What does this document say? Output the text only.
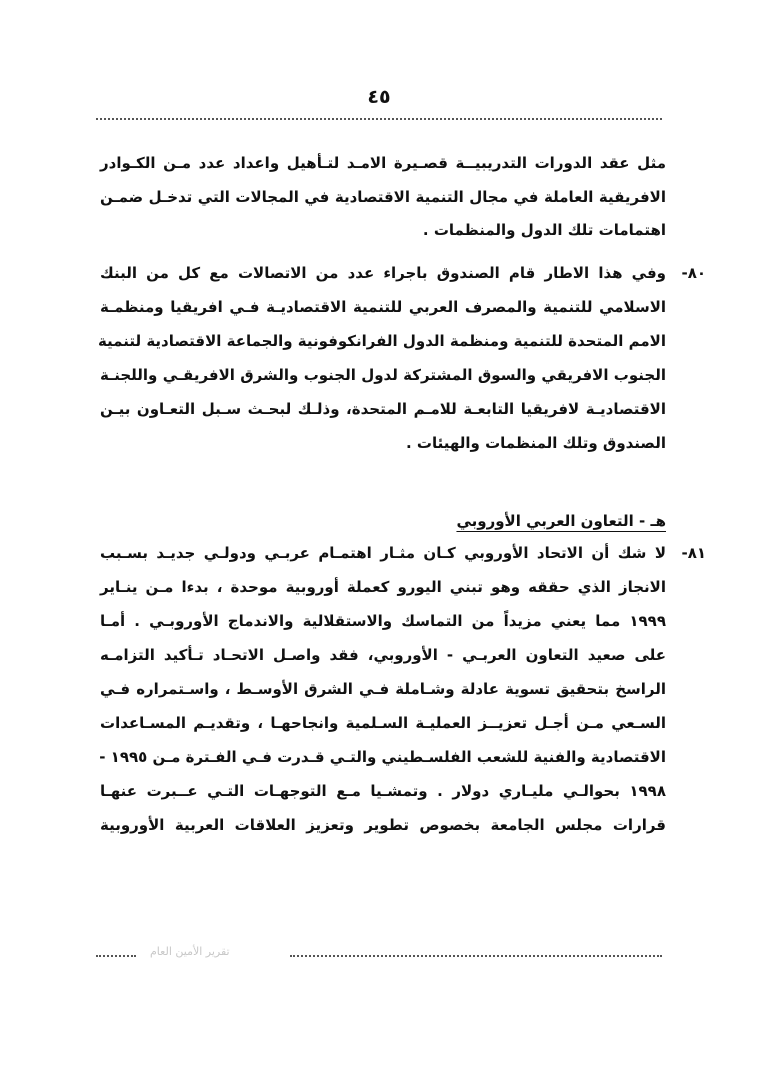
٤٥
مثل عقد الدورات التدريبيــة قصـيرة الامـد لتـأهيل واعداد عدد مـن الكـوادر
الافريقية العاملة في مجال التنمية الاقتصادية في المجالات التي تدخـل ضمـن
اهتمامات تلك الدول والمنظمات .
٨٠-
وفي هذا الاطار قام الصندوق باجراء عدد من الاتصالات مع كل من البنك
الاسلامي للتنمية والمصرف العربي للتنمية الاقتصاديـة فـي افريقيا ومنظمـة
الامم المتحدة للتنمية ومنظمة الدول الفرانكوفونية والجماعة الاقتصادية لتنمية
الجنوب الافريقي والسوق المشتركة لدول الجنوب والشرق الافريقـي واللجنـة
الاقتصاديـة لافريقيا التابعـة للامـم المتحدة، وذلـك لبحـث سـبل التعـاون بيـن
الصندوق وتلك المنظمات والهيئات .
هـ - التعاون العربي الأوروبي
٨١-
لا شك أن الاتحاد الأوروبي كـان مثـار اهتمـام عربـي ودولـي جديـد بسـبب
الانجاز الذي حققه وهو تبني اليورو كعملة أوروبية موحدة ، بدءا مـن ينـاير
١٩٩٩ مما يعني مزيداً من التماسك والاستقلالية والاندماج الأوروبـي . أمـا
على صعيد التعاون العربـي - الأوروبي، فقد واصـل الاتحـاد تـأكيد التزامـه
الراسخ بتحقيق تسوية عادلة وشـاملة فـي الشرق الأوسـط ، واسـتمراره فـي
السـعي مـن أجـل تعزيــز العمليـة السـلمية وانجاحهـا ، وتقديـم المسـاعدات
الاقتصادية والفنية للشعب الفلسـطيني والتـي قـدرت فـي الفـترة مـن ١٩٩٥ -
١٩٩٨ بحوالـي مليـاري دولار . وتمشـيا مـع التوجهـات التـي عــبرت عنهـا
قرارات مجلس الجامعة بخصوص تطوير وتعزيز العلاقات العربية الأوروبية
تقرير الأمين العام
